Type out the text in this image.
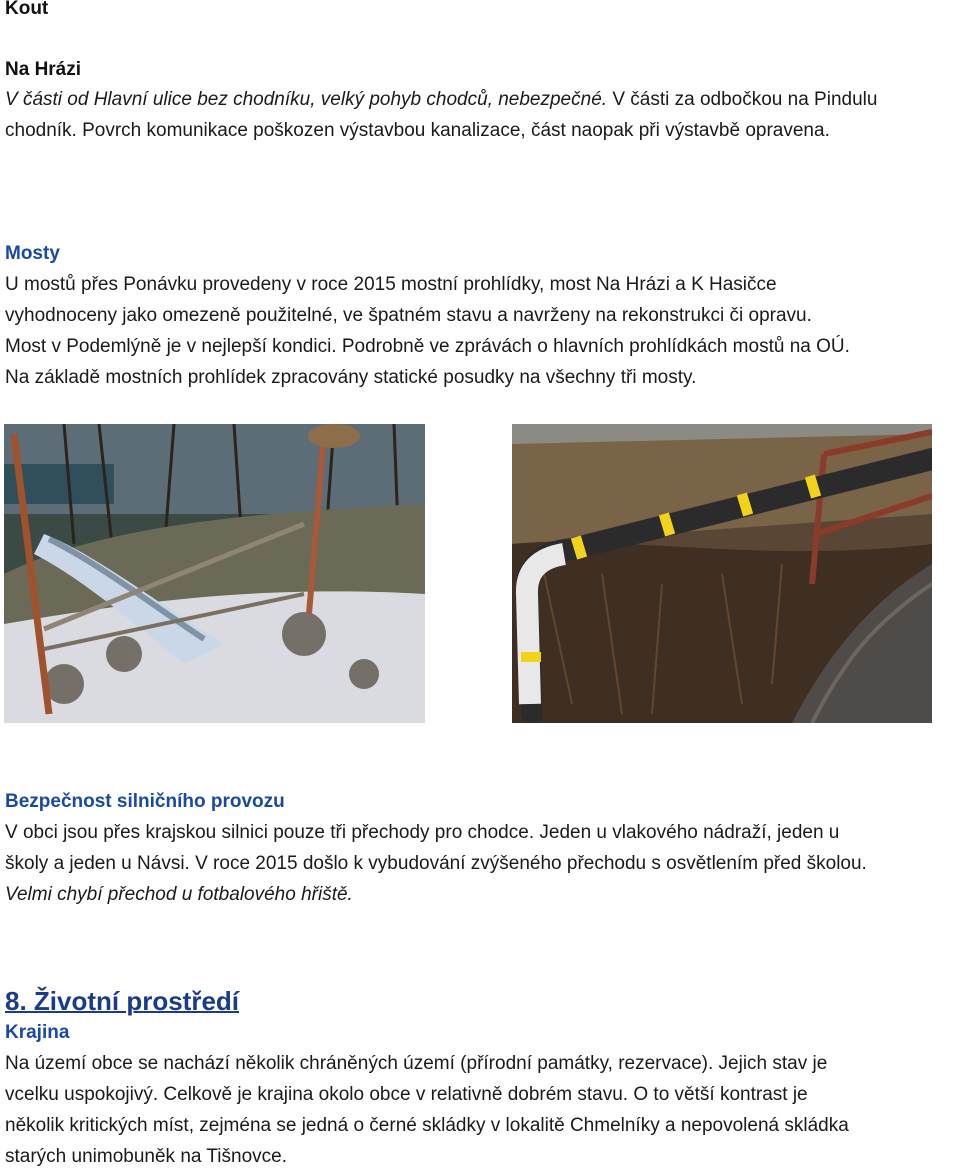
Kout
Na Hrázi
V části od Hlavní ulice bez chodníku, velký pohyb chodců, nebezpečné. V části za odbočkou na Pindulu
chodník. Povrch komunikace poškozen výstavbou kanalizace, část naopak při výstavbě opravena.
Mosty
U mostů přes Ponávku provedeny v roce 2015 mostní prohlídky, most Na Hrázi a K Hasičce
vyhodnoceny jako omezeně použitelné, ve špatném stavu a navrženy na rekonstrukci či opravu.
Most v Podemlýně je v nejlepší kondici. Podrobně ve zprávách o hlavních prohlídkách mostů na OÚ.
Na základě mostních prohlídek zpracovány statické posudky na všechny tři mosty.
Bezpečnost silničního provozu
V obci jsou přes krajskou silnici pouze tři přechody pro chodce. Jeden u vlakového nádraží, jeden u
školy a jeden u Návsi. V roce 2015 došlo k vybudování zvýšeného přechodu s osvětlením před školou.
Velmi chybí přechod u fotbalového hřiště.
8. Životní prostředí
Krajina
Na území obce se nachází několik chráněných území (přírodní památky, rezervace). Jejich stav je
vcelku uspokojivý. Celkově je krajina okolo obce v relativně dobrém stavu. O to větší kontrast je
několik kritických míst, zejména se jedná o černé skládky v lokalitě Chmelníky a nepovolená skládka
starých unimobuněk na Tišnovce.
